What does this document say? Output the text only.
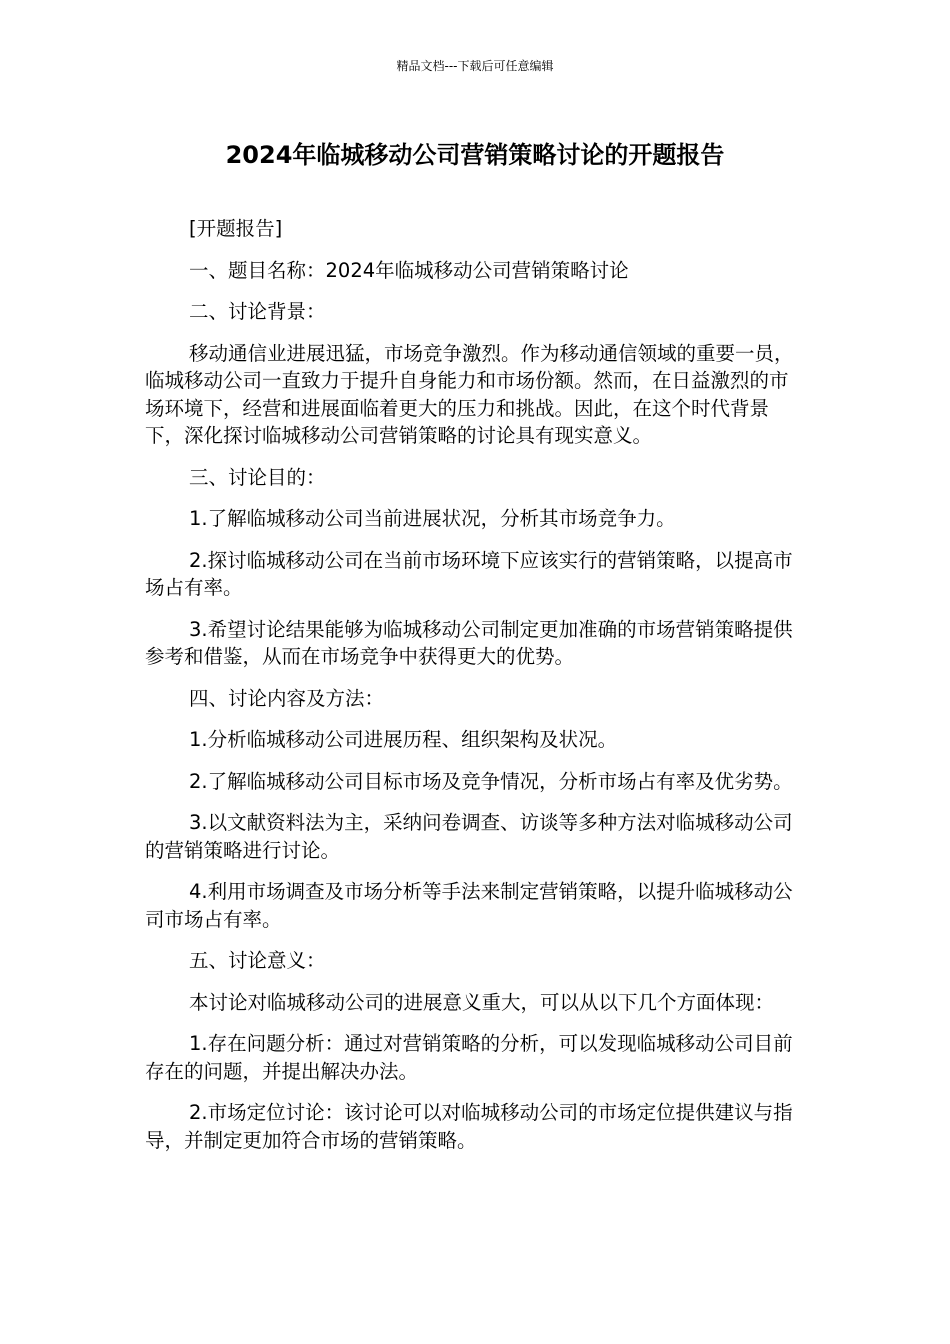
精品文档---下载后可任意编辑
2024年临城移动公司营销策略讨论的开题报告

[开题报告]

一、题目名称：2024年临城移动公司营销策略讨论

二、讨论背景：

移动通信业进展迅猛，市场竞争激烈。作为移动通信领域的重要一员，临城移动公司一直致力于提升自身能力和市场份额。然而，在日益激烈的市场环境下，经营和进展面临着更大的压力和挑战。因此，在这个时代背景下，深化探讨临城移动公司营销策略的讨论具有现实意义。

三、讨论目的：

1.了解临城移动公司当前进展状况，分析其市场竞争力。

2.探讨临城移动公司在当前市场环境下应该实行的营销策略，以提高市场占有率。

3.希望讨论结果能够为临城移动公司制定更加准确的市场营销策略提供参考和借鉴，从而在市场竞争中获得更大的优势。

四、讨论内容及方法：

1.分析临城移动公司进展历程、组织架构及状况。

2.了解临城移动公司目标市场及竞争情况，分析市场占有率及优劣势。

3.以文献资料法为主，采纳问卷调查、访谈等多种方法对临城移动公司的营销策略进行讨论。

4.利用市场调查及市场分析等手法来制定营销策略，以提升临城移动公司市场占有率。

五、讨论意义：

本讨论对临城移动公司的进展意义重大，可以从以下几个方面体现：

1.存在问题分析：通过对营销策略的分析，可以发现临城移动公司目前存在的问题，并提出解决办法。

2.市场定位讨论：该讨论可以对临城移动公司的市场定位提供建议与指导，并制定更加符合市场的营销策略。
